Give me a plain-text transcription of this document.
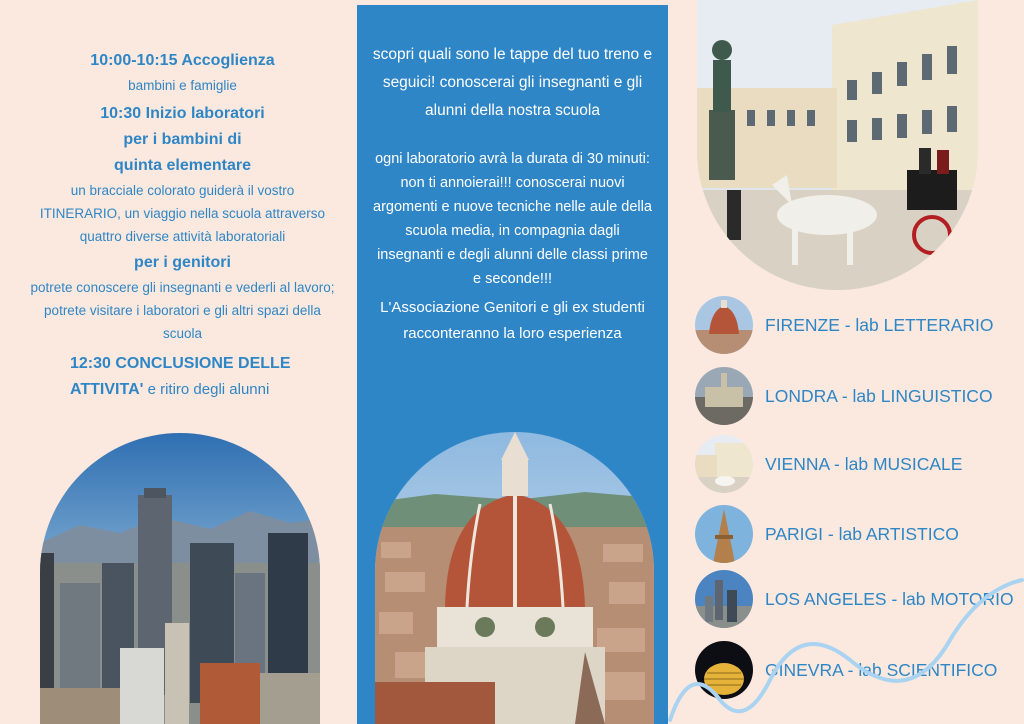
10:00-10:15 Accoglienza
bambini e famiglie
10:30 Inizio laboratori
per i bambini di
quinta elementare
un bracciale colorato guiderà il vostro ITINERARIO, un viaggio nella scuola attraverso quattro diverse attività laboratoriali
per i genitori
potrete conoscere gli insegnanti e vederli al lavoro; potrete visitare i laboratori e gli altri spazi della scuola
12:30 CONCLUSIONE DELLE
ATTIVITA' e ritiro degli alunni
scopri quali sono le tappe del tuo treno e seguici! conoscerai gli insegnanti e gli alunni della nostra scuola
ogni laboratorio avrà la durata di 30 minuti: non ti annoierai!!! conoscerai nuovi argomenti e nuove tecniche nelle aule della scuola media, in compagnia dagli insegnanti e degli alunni delle classi prime e seconde!!!
L'Associazione Genitori e gli ex studenti racconteranno la loro esperienza	FIRENZE - lab LETTERARIO
LONDRA - lab LINGUISTICO
VIENNA - lab MUSICALE
PARIGI - lab ARTISTICO
LOS ANGELES - lab MOTORIO
GINEVRA - lab SCIENTIFICO
